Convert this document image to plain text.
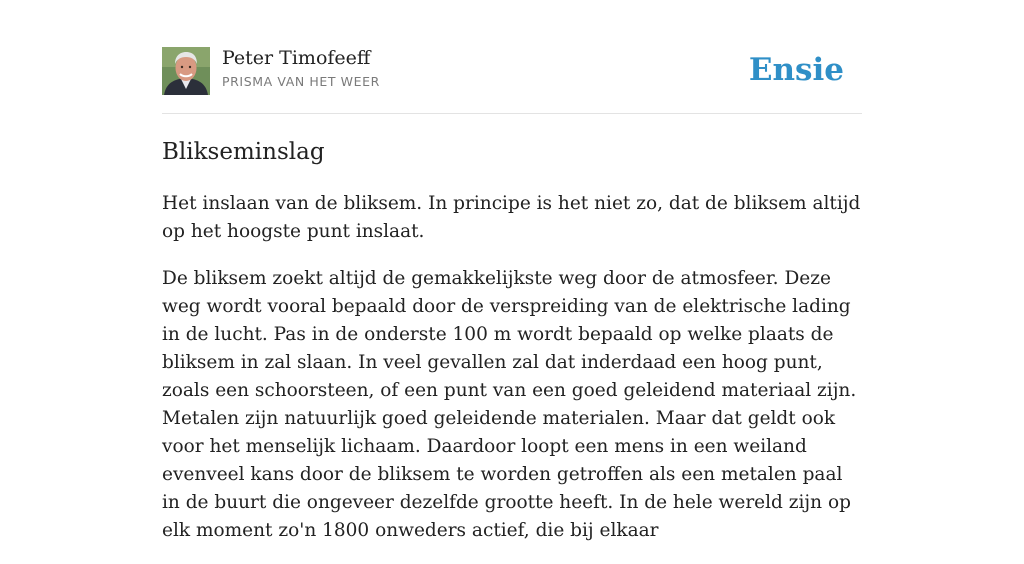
Peter Timofeeff
PRISMA VAN HET WEER	Ensie
Blikseminslag

Het inslaan van de bliksem. In principe is het niet zo, dat de bliksem altijd op het hoogste punt inslaat.

De bliksem zoekt altijd de gemakkelijkste weg door de atmosfeer. Deze weg wordt vooral bepaald door de verspreiding van de elektrische lading in de lucht. Pas in de onderste 100 m wordt bepaald op welke plaats de bliksem in zal slaan. In veel gevallen zal dat inderdaad een hoog punt, zoals een schoorsteen, of een punt van een goed geleidend materiaal zijn. Metalen zijn natuurlijk goed geleidende materialen. Maar dat geldt ook voor het menselijk lichaam. Daardoor loopt een mens in een weiland evenveel kans door de bliksem te worden getroffen als een metalen paal in de buurt die ongeveer dezelfde grootte heeft. In de hele wereld zijn op elk moment zo'n 1800 onweders actief, die bij elkaar
